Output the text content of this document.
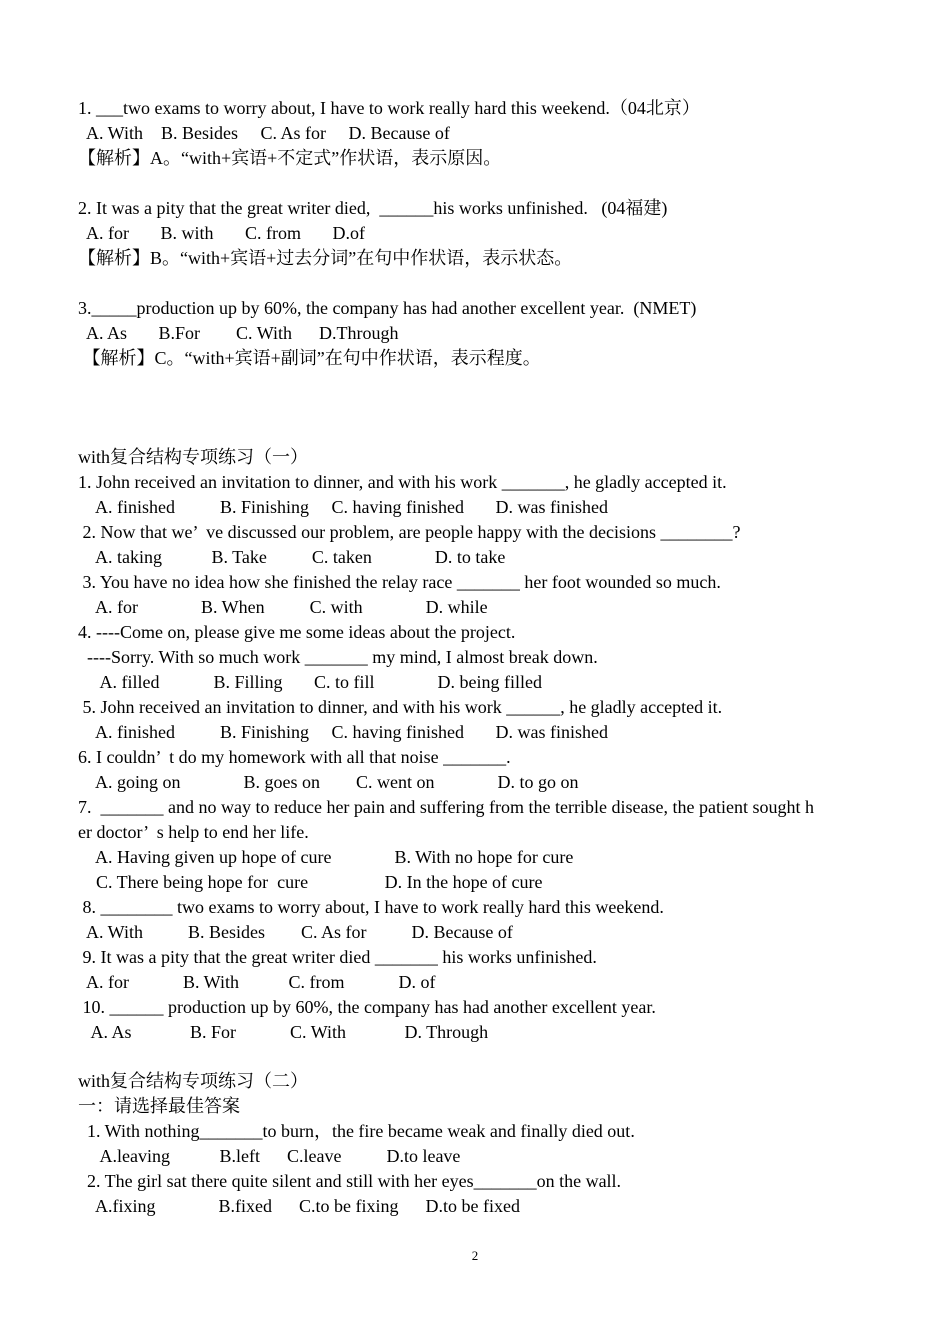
1. ___two exams to worry about, I have to work really hard this weekend.（04北京）
A. With    B. Besides     C. As for     D. Because of
【解析】A。“with+宾语+不定式”作状语，表示原因。
2. It was a pity that the great writer died,  ______his works unfinished.   (04福建)
A. for       B. with       C. from       D.of
【解析】B。“with+宾语+过去分词”在句中作状语，表示状态。
3._____production up by 60%, the company has had another excellent year.  (NMET)
A. As       B.For        C. With      D.Through
【解析】C。“with+宾语+副词”在句中作状语，表示程度。
with复合结构专项练习（一）
1. John received an invitation to dinner, and with his work _______, he gladly accepted it.
A. finished          B. Finishing     C. having finished       D. was finished
2. Now that we’  ve discussed our problem, are people happy with the decisions ________?
A. taking           B. Take          C. taken              D. to take
3. You have no idea how she finished the relay race _______ her foot wounded so much.
A. for              B. When          C. with              D. while
4. ----Come on, please give me some ideas about the project.
----Sorry. With so much work _______ my mind, I almost break down.
A. filled            B. Filling       C. to fill              D. being filled
5. John received an invitation to dinner, and with his work ______, he gladly accepted it.
A. finished          B. Finishing     C. having finished       D. was finished
6. I couldn’  t do my homework with all that noise _______.
A. going on              B. goes on        C. went on              D. to go on
7.  _______ and no way to reduce her pain and suffering from the terrible disease, the patient sought h
er doctor’  s help to end her life.
A. Having given up hope of cure              B. With no hope for cure
C. There being hope for  cure                 D. In the hope of cure
8. ________ two exams to worry about, I have to work really hard this weekend.
A. With          B. Besides        C. As for          D. Because of
9. It was a pity that the great writer died _______ his works unfinished.
A. for            B. With           C. from            D. of
10. ______ production up by 60%, the company has had another excellent year.
A. As             B. For            C. With             D. Through
with复合结构专项练习（二）
一：请选择最佳答案
1. With nothing_______to burn，the fire became weak and finally died out.
A.leaving           B.left      C.leave          D.to leave
2. The girl sat there quite silent and still with her eyes_______on the wall.
A.fixing              B.fixed      C.to be fixing      D.to be fixed
2
